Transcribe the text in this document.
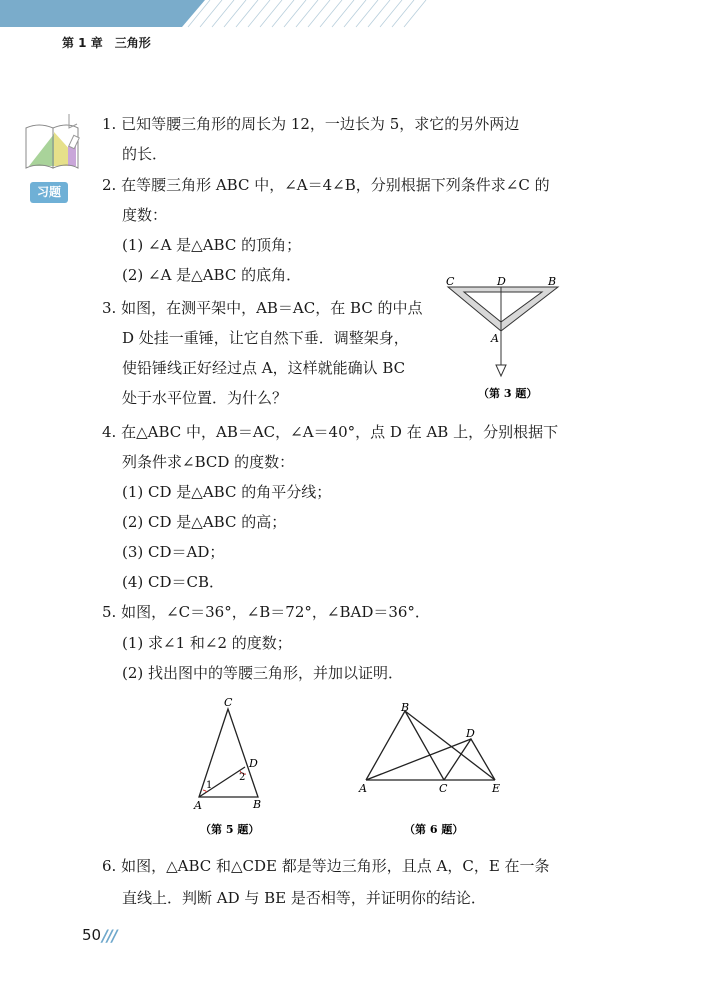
第 1 章　三角形
习题
1. 已知等腰三角形的周长为 12，一边长为 5，求它的另外两边
的长．
2. 在等腰三角形 ABC 中，∠A＝4∠B，分别根据下列条件求∠C 的
度数：
(1) ∠A 是△ABC 的顶角；
(2) ∠A 是△ABC 的底角．
3. 如图，在测平架中，AB＝AC，在 BC 的中点
D 处挂一重锤，让它自然下垂．调整架身，
使铅锤线正好经过点 A，这样就能确认 BC
处于水平位置．为什么？
4. 在△ABC 中，AB＝AC，∠A＝40°，点 D 在 AB 上，分别根据下
列条件求∠BCD 的度数：
(1) CD 是△ABC 的角平分线；
(2) CD 是△ABC 的高；
(3) CD＝AD；
(4) CD＝CB．
5. 如图，∠C＝36°，∠B＝72°，∠BAD＝36°．
(1) 求∠1 和∠2 的度数；
(2) 找出图中的等腰三角形，并加以证明．
6. 如图，△ABC 和△CDE 都是等边三角形，且点 A，C，E 在一条
直线上．判断 AD 与 BE 是否相等，并证明你的结论．
C	D	B
A
（第 3 题）
C
D
A	B
1
2
（第 5 题）
B
D
A	C	E
（第 6 题）
50 ///
